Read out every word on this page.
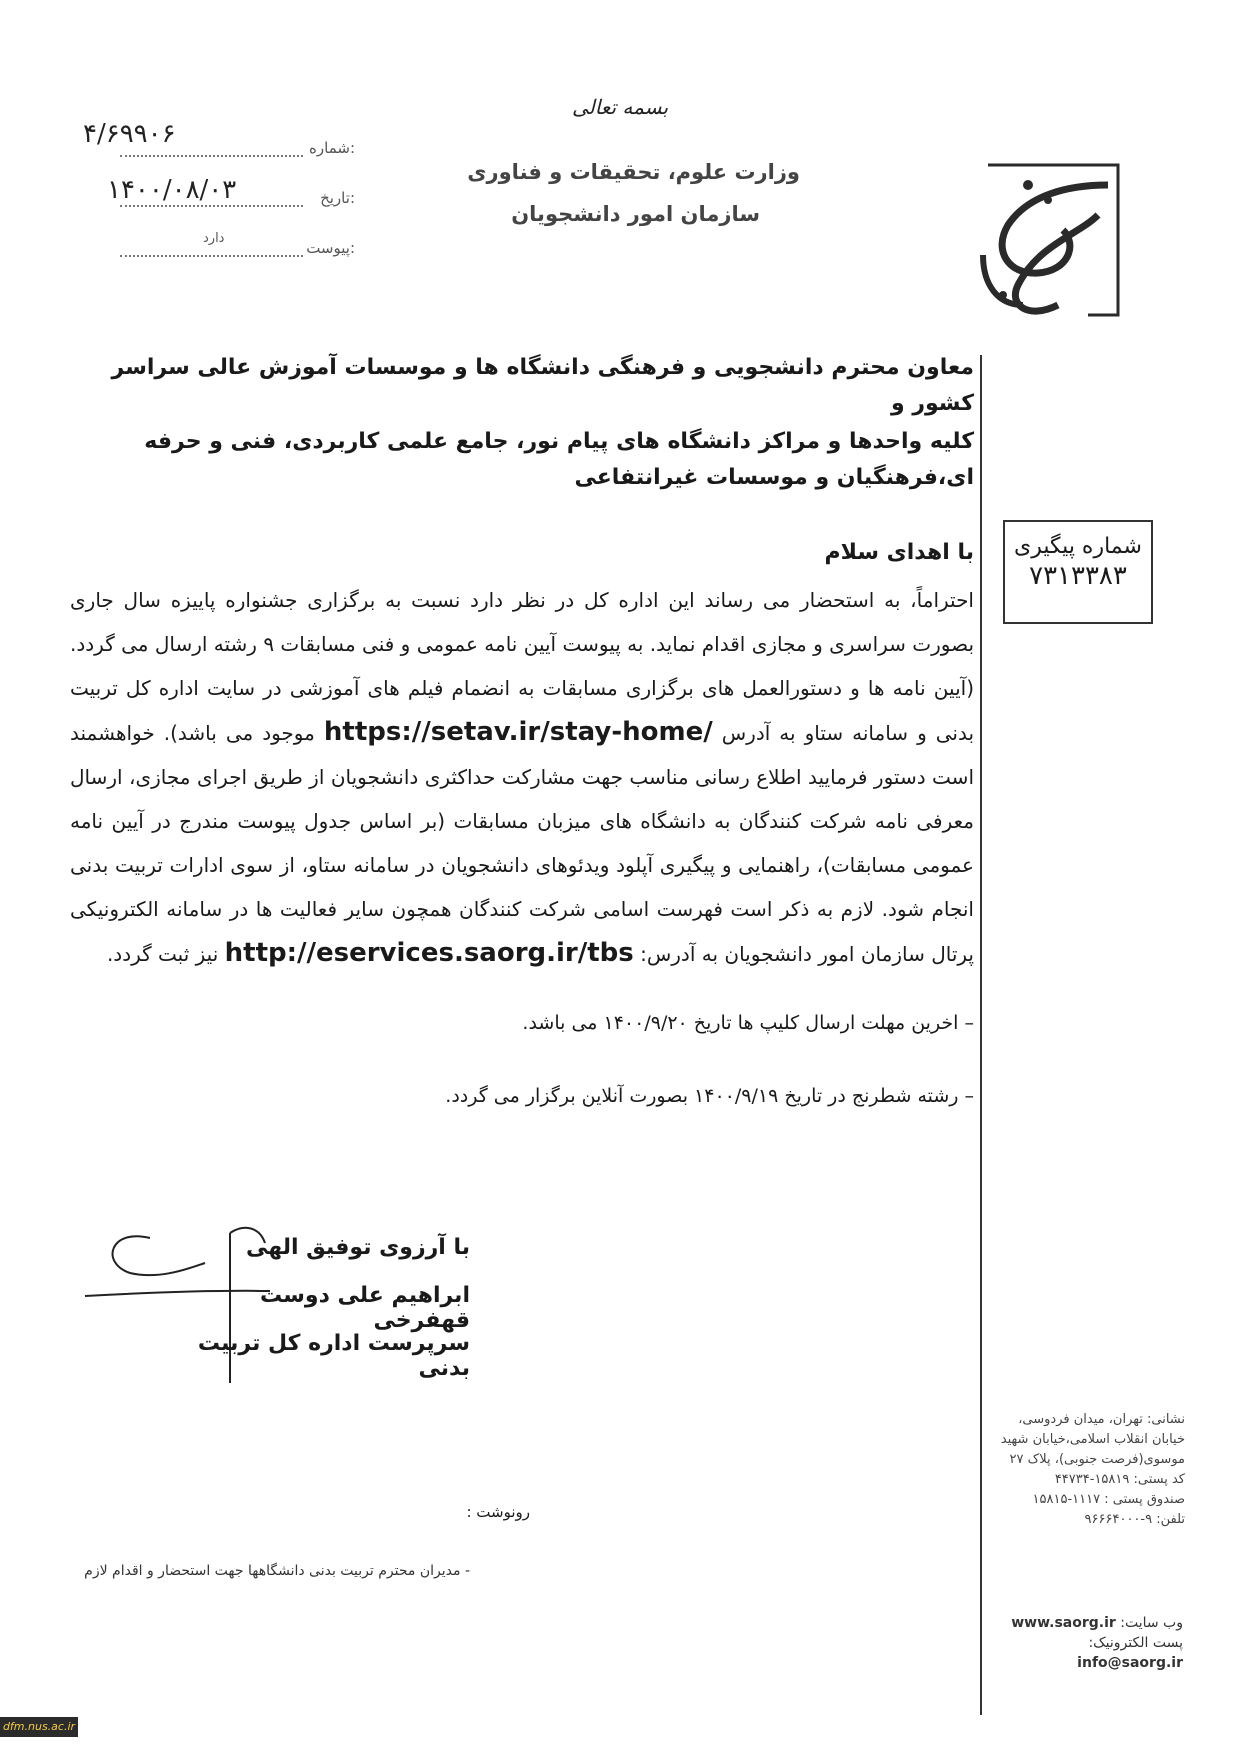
بسمه تعالی
وزارت علوم، تحقیقات و فناوری
سازمان امور دانشجویان
شماره:
۴/۶۹۹۰۶
تاریخ:
۱۴۰۰/۰۸/۰۳
پیوست:
دارد
معاون محترم دانشجویی و فرهنگی دانشگاه ها و موسسات آموزش عالی سراسر کشور و
کلیه واحدها و مراکز دانشگاه های پیام نور، جامع علمی کاربردی، فنی و حرفه ای،فرهنگیان و موسسات غیرانتفاعی
شماره پیگیری
۷۳۱۳۳۸۳
با اهدای سلام
احتراماً، به استحضار می رساند این اداره کل در نظر دارد نسبت به برگزاری جشنواره پاییزه سال جاری بصورت سراسری و مجازی اقدام نماید. به پیوست آیین نامه عمومی و فنی مسابقات ۹ رشته ارسال می گردد. (آیین نامه ها و دستورالعمل های برگزاری مسابقات به انضمام فیلم های آموزشی در سایت اداره کل تربیت بدنی و سامانه ستاو به آدرس https://setav.ir/stay-home/ موجود می باشد). خواهشمند است دستور فرمایید اطلاع رسانی مناسب جهت مشارکت حداکثری دانشجویان از طریق اجرای مجازی، ارسال معرفی نامه شرکت کنندگان به دانشگاه های میزبان مسابقات (بر اساس جدول پیوست مندرج در آیین نامه عمومی مسابقات)، راهنمایی و پیگیری آپلود ویدئوهای دانشجویان در سامانه ستاو، از سوی ادارات تربیت بدنی انجام شود. لازم به ذکر است فهرست اسامی شرکت کنندگان همچون سایر فعالیت ها در سامانه الکترونیکی پرتال سازمان امور دانشجویان به آدرس: http://eservices.saorg.ir/tbs نیز ثبت گردد.
– اخرین مهلت ارسال کلیپ ها تاریخ ۱۴۰۰/۹/۲۰ می باشد.
– رشته شطرنج در تاریخ ۱۴۰۰/۹/۱۹ بصورت آنلاین برگزار می گردد.
با آرزوی توفیق الهی
ابراهیم علی دوست قهفرخی
سرپرست اداره کل تربیت بدنی
رونوشت :
- مدیران محترم تربیت بدنی دانشگاهها جهت استحضار و اقدام لازم
نشانی: تهران، میدان فردوسی، خیابان انقلاب اسلامی،خیابان شهید موسوی(فرصت جنوبی)، پلاک ۲۷
کد پستی: ۱۵۸۱۹-۴۴۷۳۴
صندوق پستی : ۱۱۱۷-۱۵۸۱۵
تلفن: ۹-۹۶۶۶۴۰۰۰
وب سایت: www.saorg.ir
پست الکترونیک: info@saorg.ir
dfm.nus.ac.ir
